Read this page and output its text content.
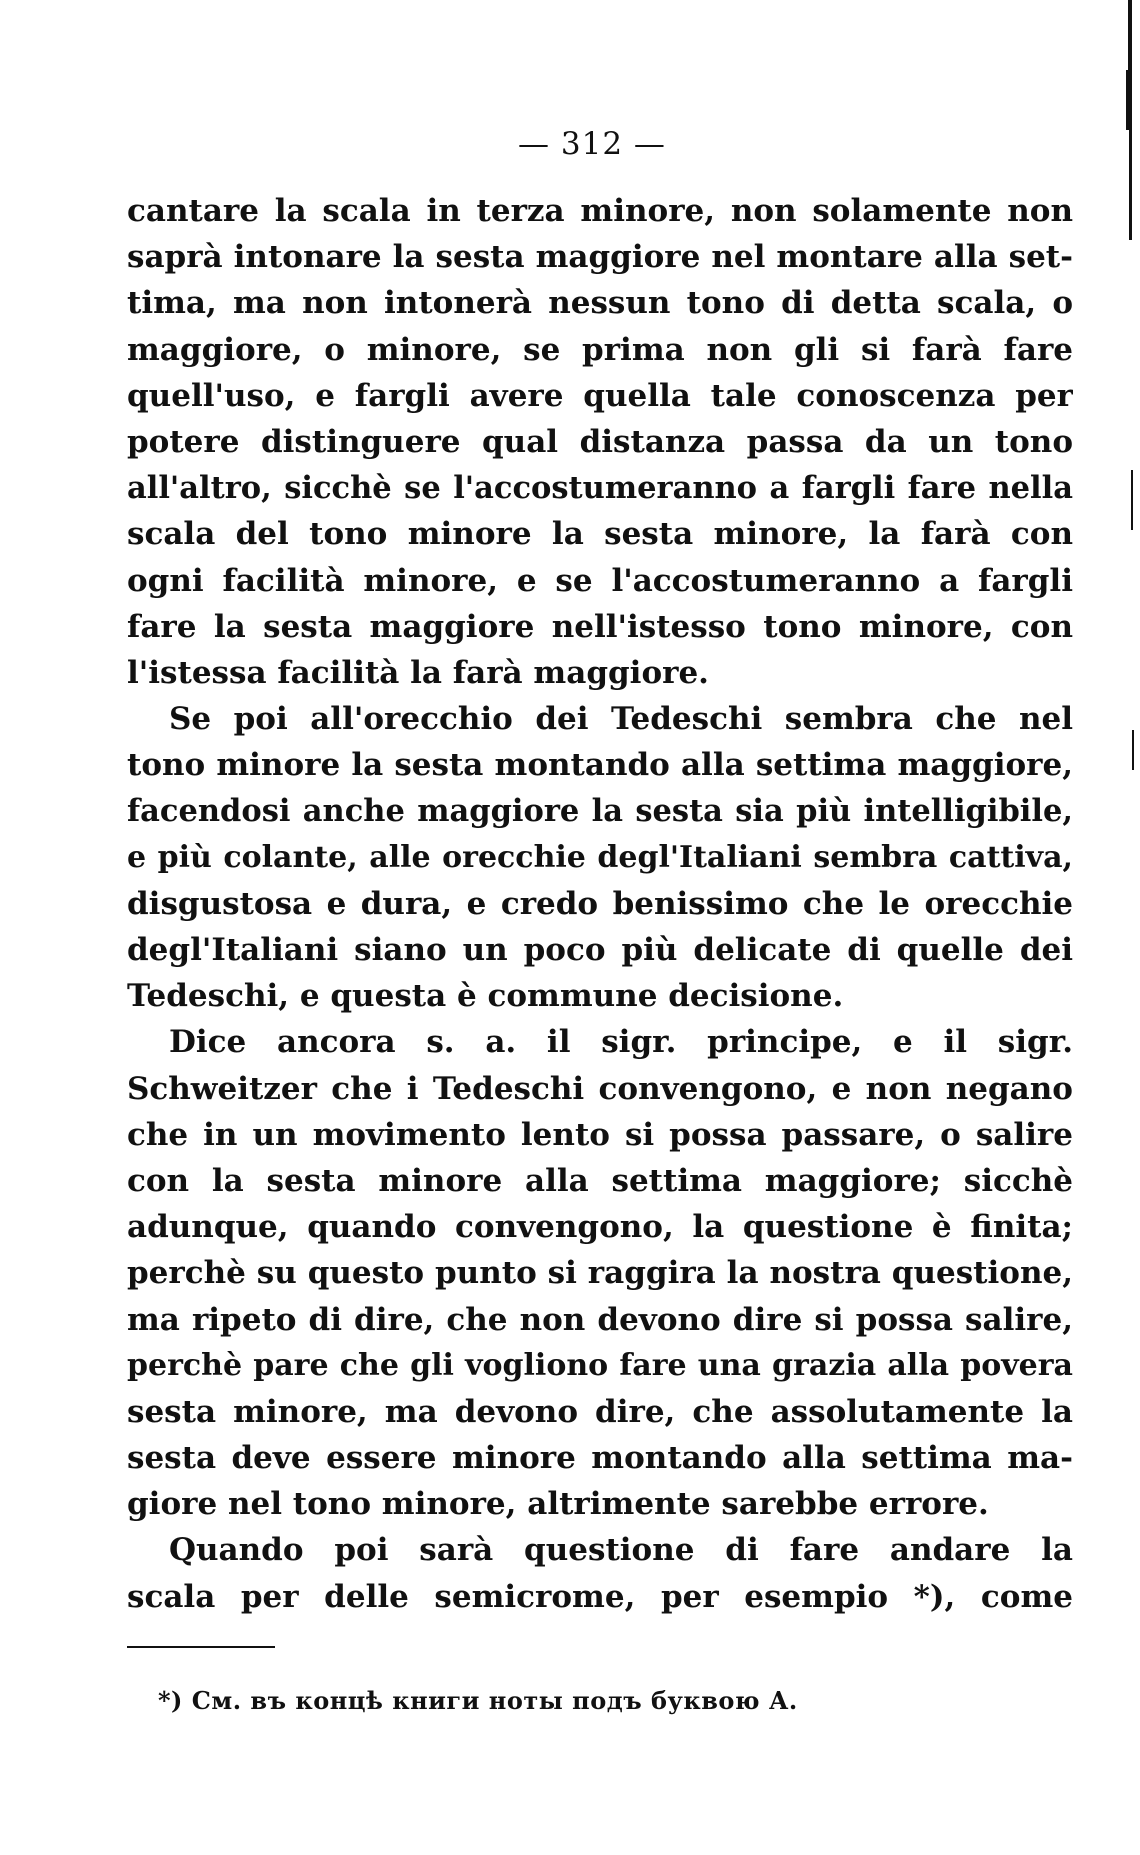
— 312 —
cantare la scala in terza minore, non solamente non
saprà intonare la sesta maggiore nel montare alla set-
tima, ma non intonerà nessun tono di detta scala, o
maggiore, o minore, se prima non gli si farà fare
quell'uso, e fargli avere quella tale conoscenza per
potere distinguere qual distanza passa da un tono
all'altro, sicchè se l'accostumeranno a fargli fare nella
scala del tono minore la sesta minore, la farà con
ogni facilità minore, e se l'accostumeranno a fargli
fare la sesta maggiore nell'istesso tono minore, con
l'istessa facilità la farà maggiore.
Se poi all'orecchio dei Tedeschi sembra che nel
tono minore la sesta montando alla settima maggiore,
facendosi anche maggiore la sesta sia più intelligibile,
e più colante, alle orecchie degl'Italiani sembra cattiva,
disgustosa e dura, e credo benissimo che le orecchie
degl'Italiani siano un poco più delicate di quelle dei
Tedeschi, e questa è commune decisione.
Dice ancora s. a. il sigr. principe, e il sigr.
Schweitzer che i Tedeschi convengono, e non negano
che in un movimento lento si possa passare, o salire
con la sesta minore alla settima maggiore; sicchè
adunque, quando convengono, la questione è finita;
perchè su questo punto si raggira la nostra questione,
ma ripeto di dire, che non devono dire si possa salire,
perchè pare che gli vogliono fare una grazia alla povera
sesta minore, ma devono dire, che assolutamente la
sesta deve essere minore montando alla settima ma-
giore nel tono minore, altrimente sarebbe errore.
Quando poi sarà questione di fare andare la
scala per delle semicrome, per esempio *), come
*) См. въ концѣ книги ноты подъ буквою А.
